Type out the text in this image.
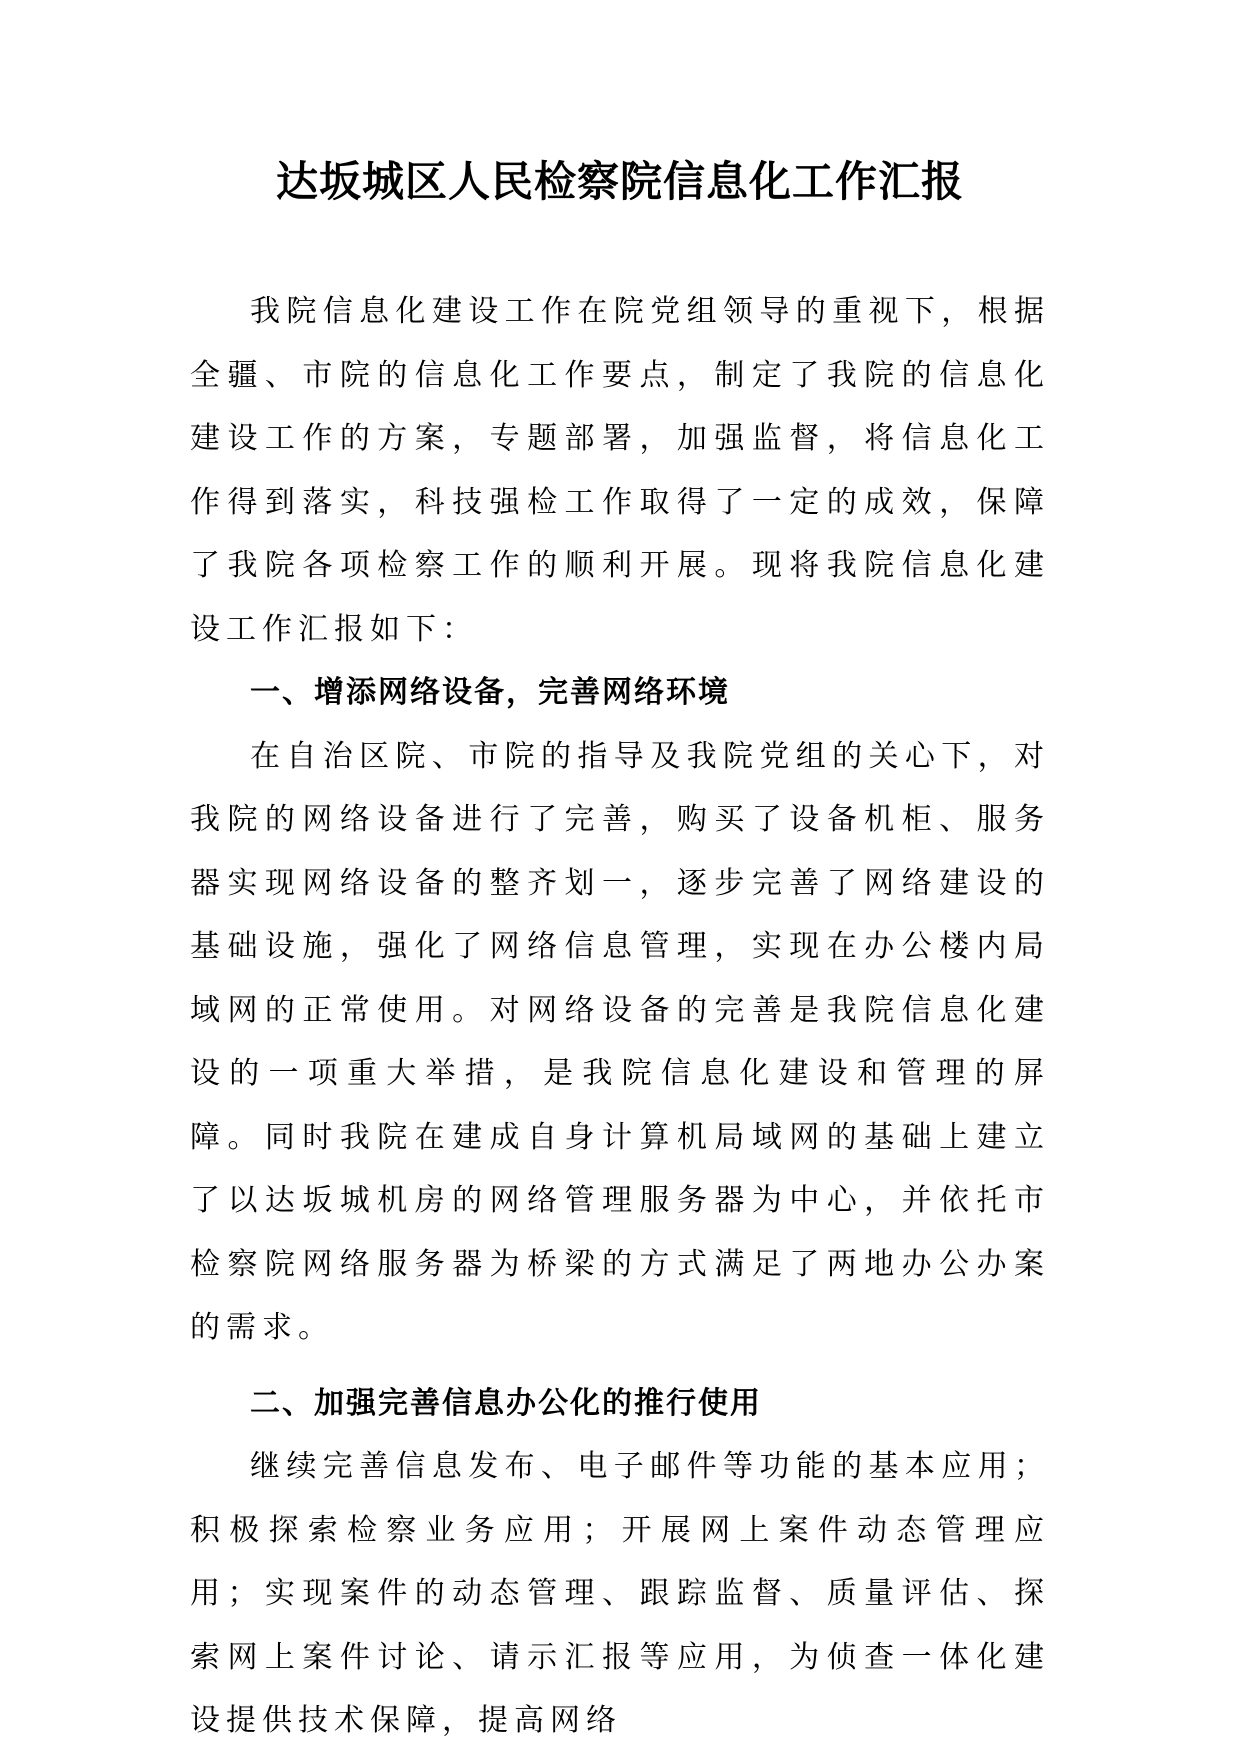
达坂城区人民检察院信息化工作汇报

我院信息化建设工作在院党组领导的重视下，根据全疆、市院的信息化工作要点，制定了我院的信息化建设工作的方案，专题部署，加强监督，将信息化工作得到落实，科技强检工作取得了一定的成效，保障了我院各项检察工作的顺利开展。现将我院信息化建设工作汇报如下：

一、增添网络设备，完善网络环境

在自治区院、市院的指导及我院党组的关心下，对我院的网络设备进行了完善，购买了设备机柜、服务器实现网络设备的整齐划一，逐步完善了网络建设的基础设施，强化了网络信息管理，实现在办公楼内局域网的正常使用。对网络设备的完善是我院信息化建设的一项重大举措，是我院信息化建设和管理的屏障。同时我院在建成自身计算机局域网的基础上建立了以达坂城机房的网络管理服务器为中心，并依托市检察院网络服务器为桥梁的方式满足了两地办公办案的需求。

二、加强完善信息办公化的推行使用

继续完善信息发布、电子邮件等功能的基本应用；积极探索检察业务应用；开展网上案件动态管理应用；实现案件的动态管理、跟踪监督、质量评估、探索网上案件讨论、请示汇报等应用，为侦查一体化建设提供技术保障，提高网络
